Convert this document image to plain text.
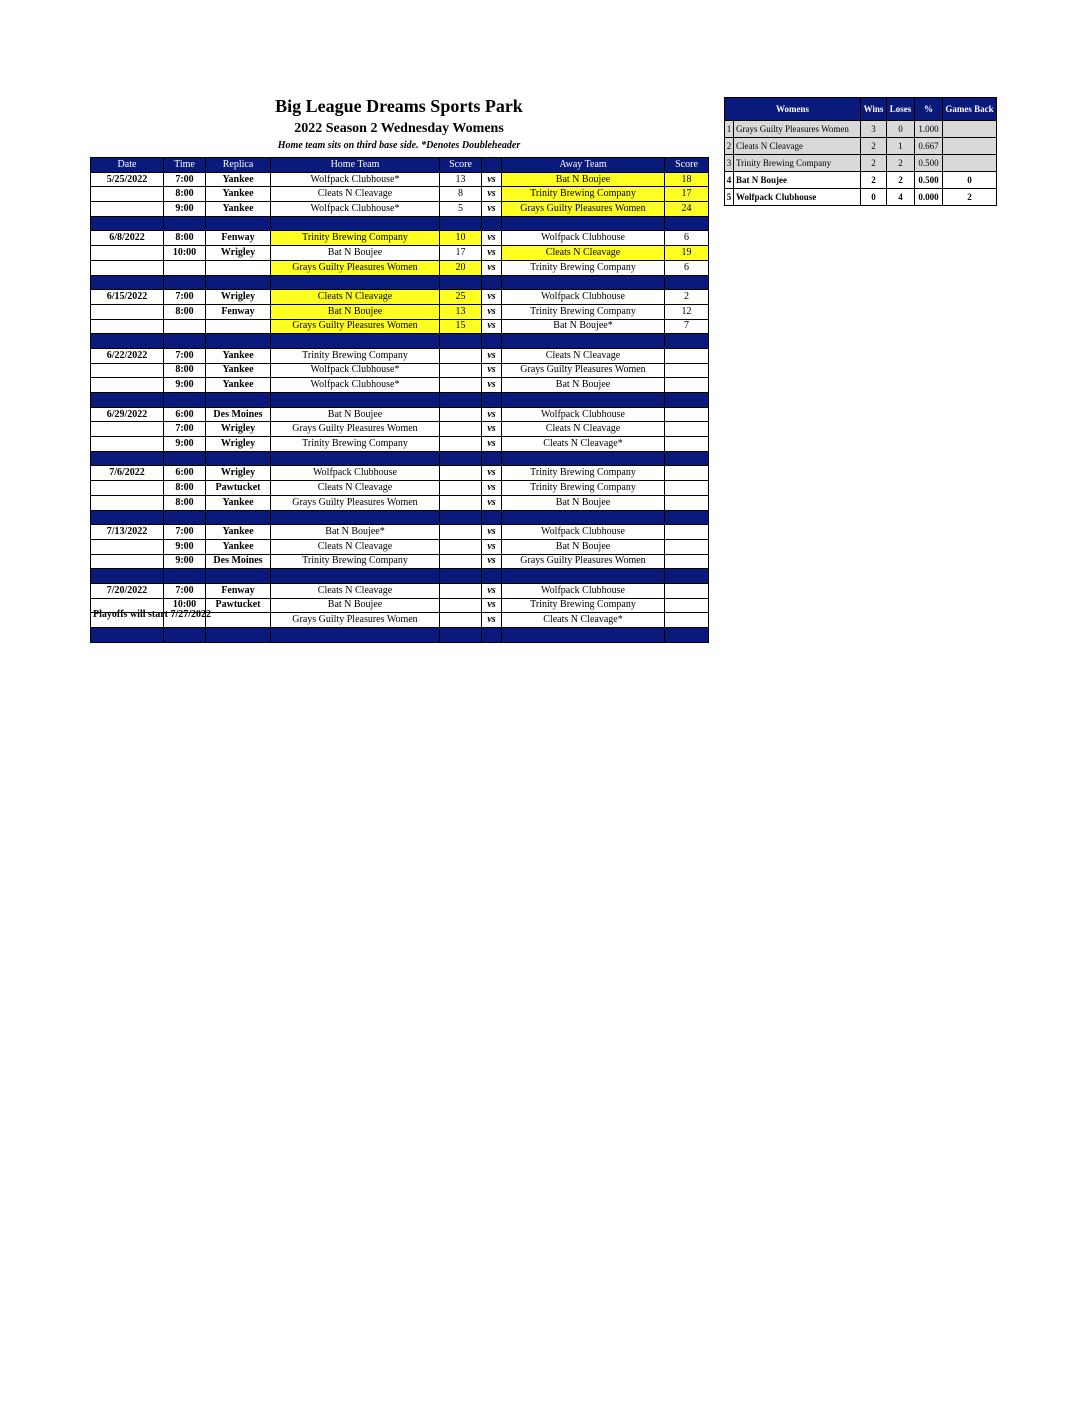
Big League Dreams Sports Park
2022 Season 2 Wednesday Womens
Home team sits on third base side. *Denotes Doubleheader
Date	Time	Replica	Home Team	Score		Away Team	Score
5/25/2022	7:00	Yankee	Wolfpack Clubhouse*	13	vs	Bat N Boujee	18
	8:00	Yankee	Cleats N Cleavage	8	vs	Trinity Brewing Company	17
	9:00	Yankee	Wolfpack Clubhouse*	5	vs	Grays Guilty Pleasures Women	24

6/8/2022	8:00	Fenway	Trinity Brewing Company	10	vs	Wolfpack Clubhouse	6
	10:00	Wrigley	Bat N Boujee	17	vs	Cleats N Cleavage	19
			Grays Guilty Pleasures Women	20	vs	Trinity Brewing Company	6

6/15/2022	7:00	Wrigley	Cleats N Cleavage	25	vs	Wolfpack Clubhouse	2
	8:00	Fenway	Bat N Boujee	13	vs	Trinity Brewing Company	12
			Grays Guilty Pleasures Women	15	vs	Bat N Boujee*	7

6/22/2022	7:00	Yankee	Trinity Brewing Company		vs	Cleats N Cleavage	
	8:00	Yankee	Wolfpack Clubhouse*		vs	Grays Guilty Pleasures Women	
	9:00	Yankee	Wolfpack Clubhouse*		vs	Bat N Boujee	

6/29/2022	6:00	Des Moines	Bat N Boujee		vs	Wolfpack Clubhouse	
	7:00	Wrigley	Grays Guilty Pleasures Women		vs	Cleats N Cleavage	
	9:00	Wrigley	Trinity Brewing Company		vs	Cleats N Cleavage*	

7/6/2022	6:00	Wrigley	Wolfpack Clubhouse		vs	Trinity Brewing Company	
	8:00	Pawtucket	Cleats N Cleavage		vs	Trinity Brewing Company	
	8:00	Yankee	Grays Guilty Pleasures Women		vs	Bat N Boujee	

7/13/2022	7:00	Yankee	Bat N Boujee*		vs	Wolfpack Clubhouse	
	9:00	Yankee	Cleats N Cleavage		vs	Bat N Boujee	
	9:00	Des Moines	Trinity Brewing Company		vs	Grays Guilty Pleasures Women	

7/20/2022	7:00	Fenway	Cleats N Cleavage		vs	Wolfpack Clubhouse	
	10:00	Pawtucket	Bat N Boujee		vs	Trinity Brewing Company	
			Grays Guilty Pleasures Women		vs	Cleats N Cleavage*	

Playoffs will start 7/27/2022
Womens		Wins	Loses	%	Games Back
1	Grays Guilty Pleasures Women	3	0	1.000	
2	Cleats N Cleavage	2	1	0.667	
3	Trinity Brewing Company	2	2	0.500	
4	Bat N Boujee	2	2	0.500	0
5	Wolfpack Clubhouse	0	4	0.000	2
